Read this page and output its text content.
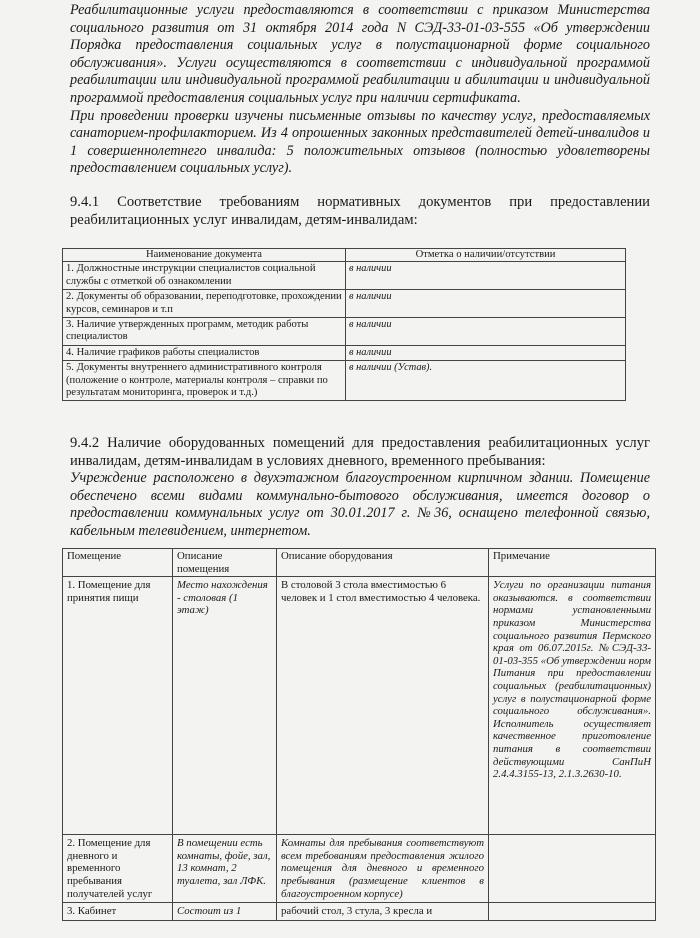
Реабилитационные услуги предоставляются в соответствии с приказом Министерства социального развития от 31 октября 2014 года N СЭД-33-01-03-555 «Об утверждении Порядка предоставления социальных услуг в полустационарной форме социального обслуживания». Услуги осуществляются в соответствии с индивидуальной программой реабилитации или индивидуальной программой реабилитации и абилитации и индивидуальной программой предоставления социальных услуг при наличии сертификата.

При проведении проверки изучены письменные отзывы по качеству услуг, предоставляемых санаторием-профилакторием. Из 4 опрошенных законных представителей детей-инвалидов и 1 совершеннолетнего инвалида: 5 положительных отзывов (полностью удовлетворены предоставлением социальных услуг).

9.4.1 Соответствие требованиям нормативных документов при предоставлении реабилитационных услуг инвалидам, детям-инвалидам:

Наименование документа	Отметка о наличии/отсутствии
1. Должностные инструкции специалистов социальной службы с отметкой об ознакомлении	в наличии
2. Документы об образовании, переподготовке, прохождении курсов, семинаров и т.п	в наличии
3. Наличие утвержденных программ, методик работы специалистов	в наличии
4. Наличие графиков работы специалистов	в наличии
5. Документы внутреннего административного контроля (положение о контроле, материалы контроля – справки по результатам мониторинга, проверок и т.д.)	в наличии (Устав).

9.4.2 Наличие оборудованных помещений для предоставления реабилитационных услуг инвалидам, детям-инвалидам в условиях дневного, временного пребывания:

Учреждение расположено в двухэтажном благоустроенном кирпичном здании. Помещение обеспечено всеми видами коммунально-бытового обслуживания, имеется договор о предоставлении коммунальных услуг от 30.01.2017 г. №36, оснащено телефонной связью, кабельным телевидением, интернетом.

Помещение	Описание помещения	Описание оборудования	Примечание
1. Помещение для принятия пищи	Место нахождения - столовая (1 этаж)	В столовой 3 стола вместимостью 6 человек и 1 стол вместимостью 4 человека.	Услуги по организации питания оказываются. в соответствии нормами установленными приказом Министерства социального развития Пермского края от 06.07.2015г. №СЭД-33-01-03-355 «Об утверждении норм Питания при предоставлении социальных (реабилитационных) услуг в полустационарной форме социального обслуживания». Исполнитель осуществляет качественное приготовление питания в соответствии действующими СанПиН 2.4.4.3155-13, 2.1.3.2630-10.
2. Помещение для дневного и временного пребывания получателей услуг	В помещении есть комнаты, фойе, зал, 13 комнат, 2 туалета, зал ЛФК.	Комнаты для пребывания соответствуют всем требованиям предоставления жилого помещения для дневного и временного пребывания (размещение клиентов в благоустроенном корпусе)	
3. Кабинет	Состоит из 1	рабочий стол, 3 стула, 3 кресла и	
